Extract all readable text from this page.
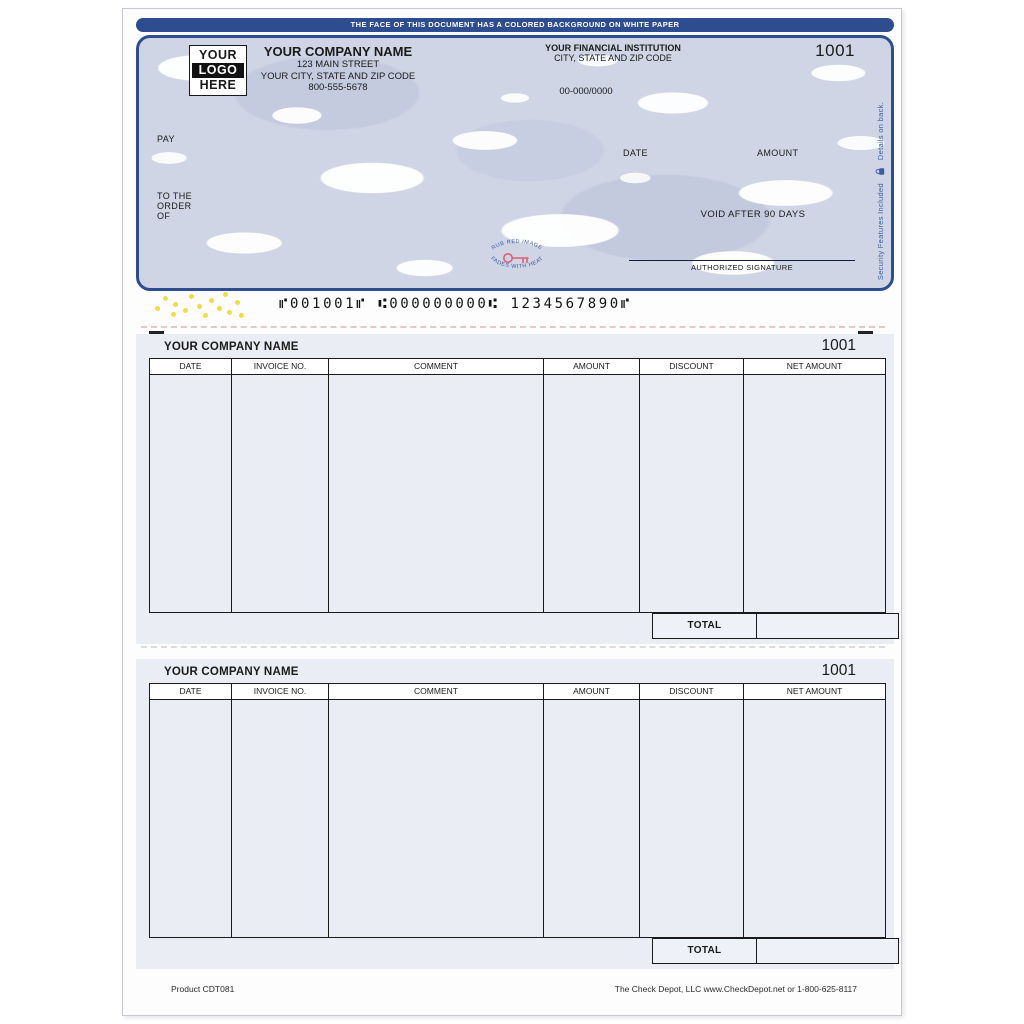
THE FACE OF THIS DOCUMENT HAS A COLORED BACKGROUND ON WHITE PAPER
YOUR
LOGO
HERE
YOUR COMPANY NAME
123 MAIN STREET
YOUR CITY, STATE AND ZIP CODE
800-555-5678
YOUR FINANCIAL INSTITUTION
CITY, STATE AND ZIP CODE
00-000/0000
1001
PAY
TO THE
ORDER
OF
DATE	AMOUNT
VOID AFTER 90 DAYS
AUTHORIZED SIGNATURE
RUB RED IMAGE
FADES WITH HEAT	Security Features Included
Details on back.
⑈001001⑈ ⑆000000000⑆ 1234567890⑈
YOUR COMPANY NAME	1001
DATE	INVOICE NO.	COMMENT	AMOUNT	DISCOUNT	NET AMOUNT
TOTAL
YOUR COMPANY NAME	1001
DATE	INVOICE NO.	COMMENT	AMOUNT	DISCOUNT	NET AMOUNT
TOTAL
Product CDT081	The Check Depot, LLC www.CheckDepot.net or 1-800-625-8117
